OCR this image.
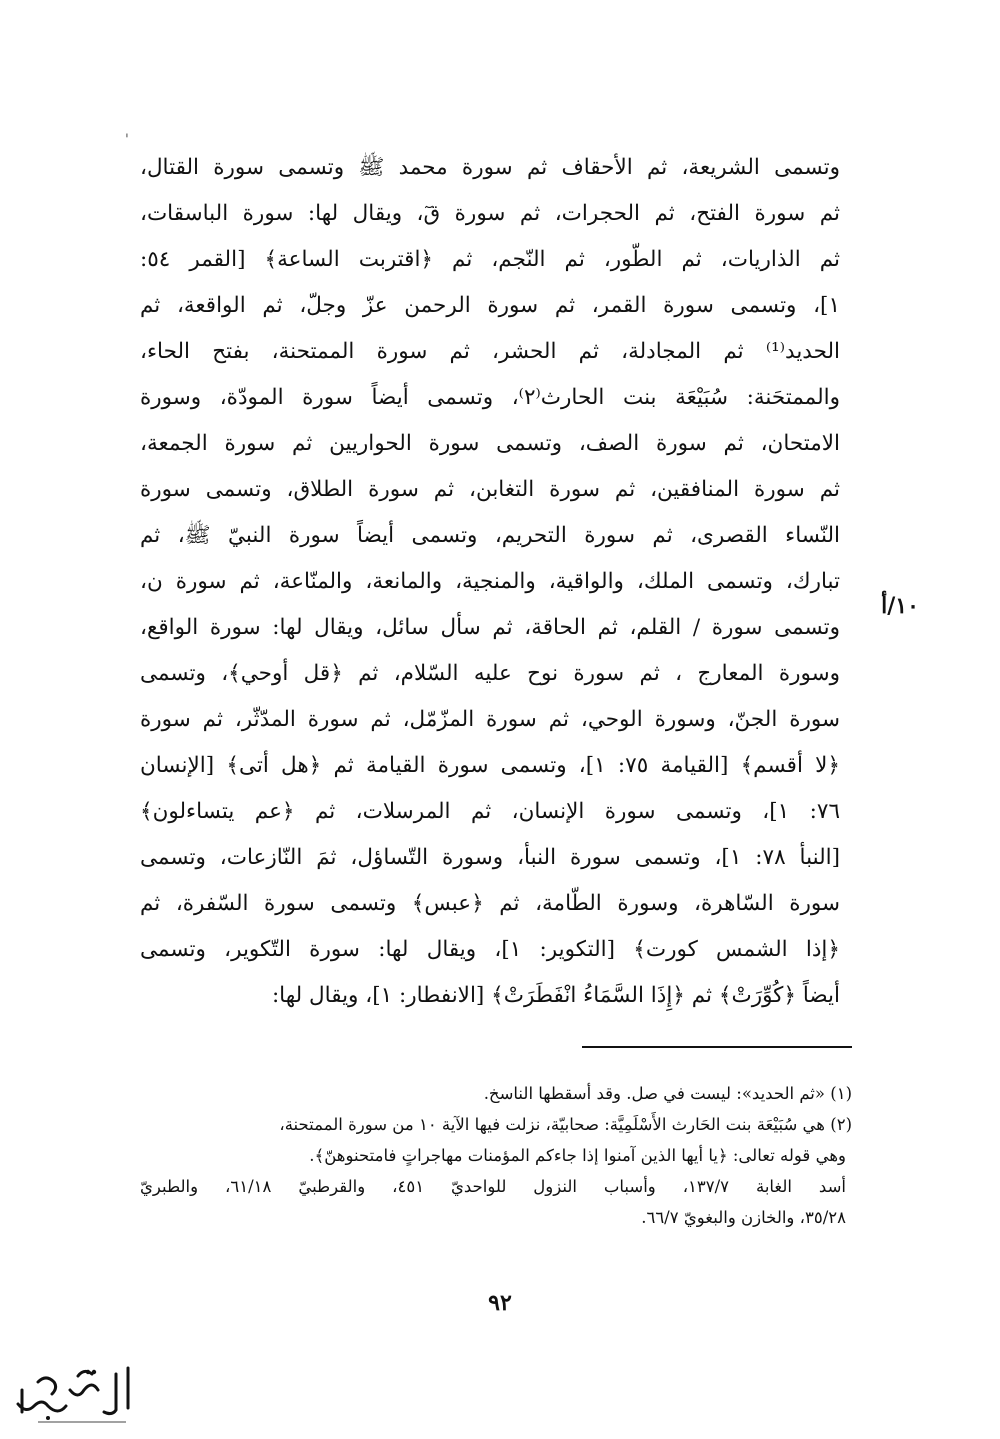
'
١٠/أ
وتسمى الشريعة، ثم الأحقاف ثم سورة محمد ﷺ وتسمى سورة القتال،
ثم سورة الفتح، ثم الحجرات، ثم سورة قٓ، ويقال لها: سورة الباسقات،
ثم الذاريات، ثم الطّور، ثم النّجم، ثم ﴿اقتربت الساعة﴾ [القمر ٥٤:
١]، وتسمى سورة القمر، ثم سورة الرحمن عزّ وجلّ، ثم الواقعة، ثم
الحديد⁽¹⁾ ثم المجادلة، ثم الحشر، ثم سورة الممتحنة، بفتح الحاء،
والممتحَنة: سُبَيْعَة بنت الحارث⁽٢⁾، وتسمى أيضاً سورة المودّة، وسورة
الامتحان، ثم سورة الصف، وتسمى سورة الحواريين ثم سورة الجمعة،
ثم سورة المنافقين، ثم سورة التغابن، ثم سورة الطلاق، وتسمى سورة
النّساء القصرى، ثم سورة التحريم، وتسمى أيضاً سورة النبيّ ﷺ، ثم
تبارك، وتسمى الملك، والواقية، والمنجية، والمانعة، والمنّاعة، ثم سورة ن،
وتسمى سورة / القلم، ثم الحاقة، ثم سأل سائل، ويقال لها: سورة الواقع،
وسورة المعارج ، ثم سورة نوح عليه السّلام، ثم ﴿قل أوحي﴾، وتسمى
سورة الجنّ، وسورة الوحي، ثم سورة المزّمّل، ثم سورة المدّثّر، ثم سورة
﴿لا أقسم﴾ [القيامة ٧٥: ١]، وتسمى سورة القيامة ثم ﴿هل أتى﴾ [الإنسان
٧٦: ١]، وتسمى سورة الإنسان، ثم المرسلات، ثم ﴿عم يتساءلون﴾
[النبأ ٧٨: ١]، وتسمى سورة النبأ، وسورة التّساؤل، ثمَ النّازعات، وتسمى
سورة السّاهرة، وسورة الطّامة، ثم ﴿عبس﴾ وتسمى سورة السّفرة، ثم
﴿إذا الشمس كورت﴾ [التكوير: ١]، ويقال لها: سورة التّكوير، وتسمى
أيضاً ﴿كُوِّرَتْ﴾ ثم ﴿إِذَا السَّمَاءُ انْفَطَرَتْ﴾ [الانفطار: ١]، ويقال لها:
(١) «ثم الحديد»: ليست في صل. وقد أسقطها الناسخ.
(٢) هي سُبَيْعَة بنت الحَارث الأَسْلَمِيَّة: صحابيّة، نزلت فيها الآية ١٠ من سورة الممتحنة،
وهي قوله تعالى: ﴿يا أيها الذين آمنوا إذا جاءكم المؤمنات مهاجراتٍ فامتحنوهنّ﴾.
أسد الغابة ١٣٧/٧، وأسباب النزول للواحديّ ٤٥١، والقرطبيّ ٦١/١٨، والطبريّ
٣٥/٢٨، والخازن والبغويّ ٦٦/٧.
٩٢
